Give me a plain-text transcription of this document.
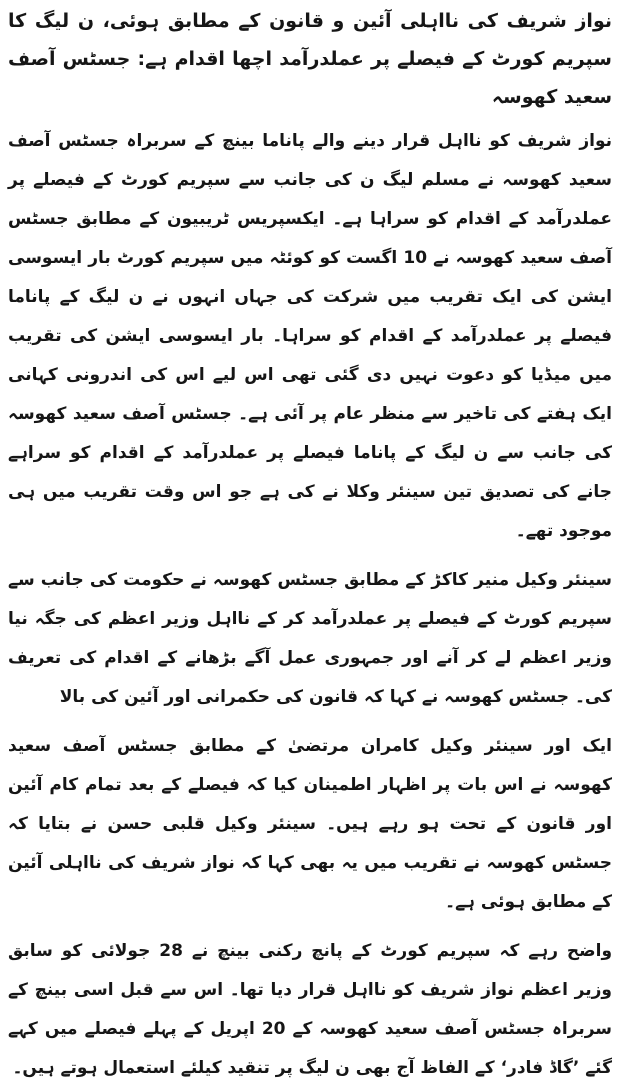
نواز شریف کی نااہلی آئین و قانون کے مطابق ہوئی، ن لیگ کا سپریم کورٹ کے فیصلے پر عملدرآمد اچھا اقدام ہے: جسٹس آصف سعید کھوسہ
نواز شریف کو نااہل قرار دینے والے پاناما بینچ کے سربراہ جسٹس آصف سعید کھوسہ نے مسلم لیگ ن کی جانب سے سپریم کورٹ کے فیصلے پر عملدرآمد کے اقدام کو سراہا ہے۔ ایکسپریس ٹریبیون کے مطابق جسٹس آصف سعید کھوسہ نے 10 اگست کو کوئٹہ میں سپریم کورٹ بار ایسوسی ایشن کی ایک تقریب میں شرکت کی جہاں انہوں نے ن لیگ کے پاناما فیصلے پر عملدرآمد کے اقدام کو سراہا۔ بار ایسوسی ایشن کی تقریب میں میڈیا کو دعوت نہیں دی گئی تھی اس لیے اس کی اندرونی کہانی ایک ہفتے کی تاخیر سے منظر عام پر آئی ہے۔ جسٹس آصف سعید کھوسہ کی جانب سے ن لیگ کے پاناما فیصلے پر عملدرآمد کے اقدام کو سراہے جانے کی تصدیق تین سینئر وکلا نے کی ہے جو اس وقت تقریب میں ہی موجود تھے۔
سینئر وکیل منیر کاکڑ کے مطابق جسٹس کھوسہ نے حکومت کی جانب سے سپریم کورٹ کے فیصلے پر عملدرآمد کر کے نااہل وزیر اعظم کی جگہ نیا وزیر اعظم لے کر آنے اور جمہوری عمل آگے بڑھانے کے اقدام کی تعریف کی۔ جسٹس کھوسہ نے کہا کہ قانون کی حکمرانی اور آئین کی بالا
ایک اور سینئر وکیل کامران مرتضیٰ کے مطابق جسٹس آصف سعید کھوسہ نے اس بات پر اظہار اطمینان کیا کہ فیصلے کے بعد تمام کام آئین اور قانون کے تحت ہو رہے ہیں۔ سینئر وکیل قلبی حسن نے بتایا کہ جسٹس کھوسہ نے تقریب میں یہ بھی کہا کہ نواز شریف کی نااہلی آئین کے مطابق ہوئی ہے۔
واضح رہے کہ سپریم کورٹ کے پانچ رکنی بینچ نے 28 جولائی کو سابق وزیر اعظم نواز شریف کو نااہل قرار دیا تھا۔ اس سے قبل اسی بینچ کے سربراہ جسٹس آصف سعید کھوسہ کے 20 اپریل کے پہلے فیصلے میں کہے گئے ’گاڈ فادر‘ کے الفاظ آج بھی ن لیگ پر تنقید کیلئے استعمال ہوتے ہیں۔
